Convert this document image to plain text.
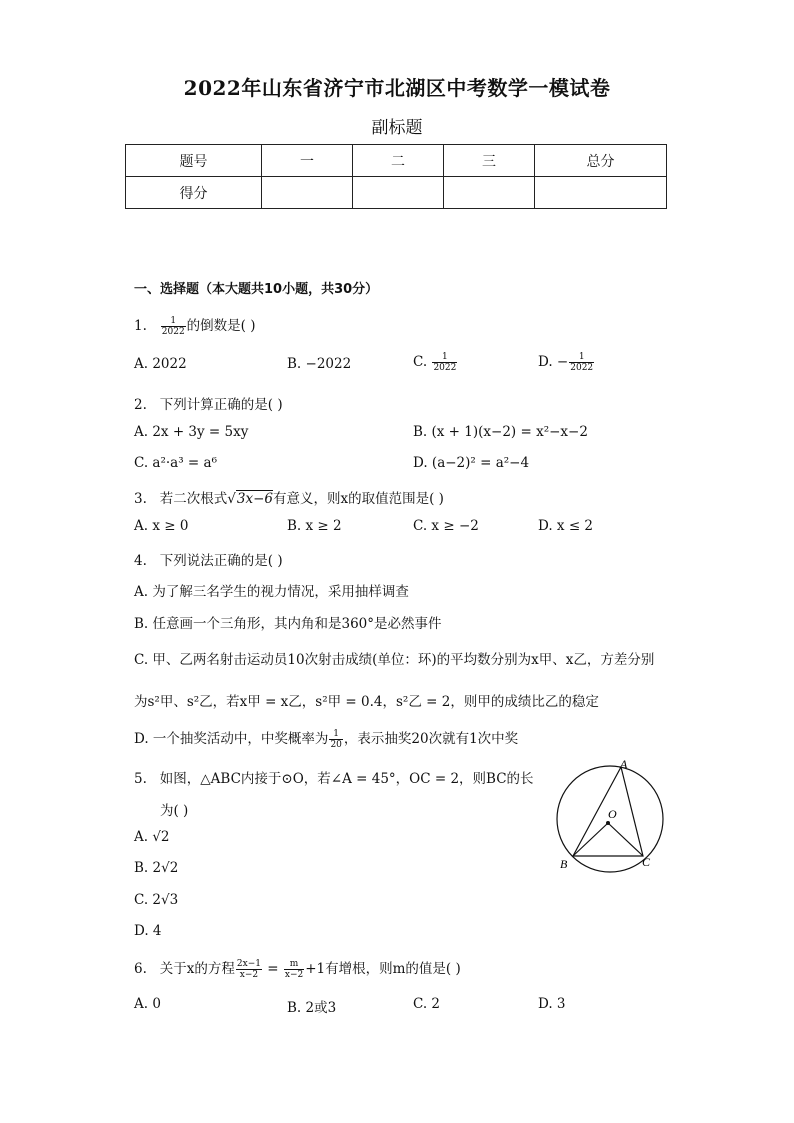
2022年山东省济宁市北湖区中考数学一模试卷
副标题
题号	一	二	三	总分
得分				
一、选择题（本大题共10小题，共30分）
1. $\frac{1}{2022}$ 的倒数是( )
A. 2022	B. −2022	C. $\frac{1}{2022}$	D. − $\frac{1}{2022}$
2. 下列计算正确的是( )
A. 2x + 3y = 5xy	B. (x + 1)(x−2) = x²−x−2
C. a²·a³ = a⁶	D. (a−2)² = a²−4
3. 若二次根式√3x−6有意义，则x的取值范围是( )
A. x ≥ 0	B. x ≥ 2	C. x ≥ −2	D. x ≤ 2
4. 下列说法正确的是( )
A. 为了解三名学生的视力情况，采用抽样调查
B. 任意画一个三角形，其内角和是360°是必然事件
C. 甲、乙两名射击运动员10次射击成绩(单位：环)的平均数分别为x甲、x乙，方差分别
为s²甲、s²乙，若x甲 = x乙，s²甲 = 0.4，s²乙 = 2，则甲的成绩比乙的稳定
D. 一个抽奖活动中，中奖概率为 $\frac{1}{20}$ ，表示抽奖20次就有1次中奖
5. 如图，△ABC内接于⊙O，若∠A = 45°，OC = 2，则BC的长
为( )
A. √2
B. 2√2
C. 2√3
D. 4
A
O
B	C
6. 关于x的方程 $\frac{2x-1}{x-2} = \frac{m}{x-2} +1$有增根，则m的值是( )
A. 0	B. 2或3	C. 2	D. 3
